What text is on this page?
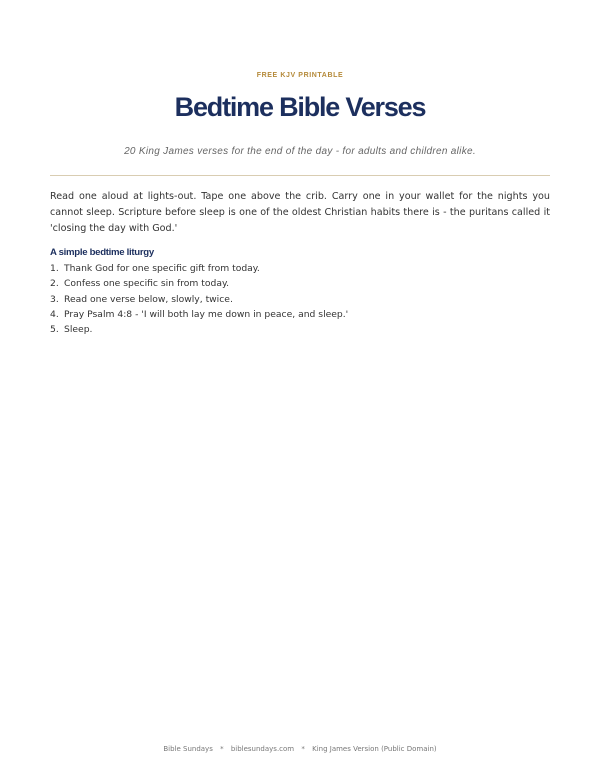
FREE KJV PRINTABLE
Bedtime Bible Verses
20 King James verses for the end of the day - for adults and children alike.

Read one aloud at lights-out. Tape one above the crib. Carry one in your wallet for the nights you cannot sleep. Scripture before sleep is one of the oldest Christian habits there is - the puritans called it 'closing the day with God.'

A simple bedtime liturgy
1. Thank God for one specific gift from today.
2. Confess one specific sin from today.
3. Read one verse below, slowly, twice.
4. Pray Psalm 4:8 - 'I will both lay me down in peace, and sleep.'
5. Sleep.
Bible Sundays * biblesundays.com * King James Version (Public Domain)
